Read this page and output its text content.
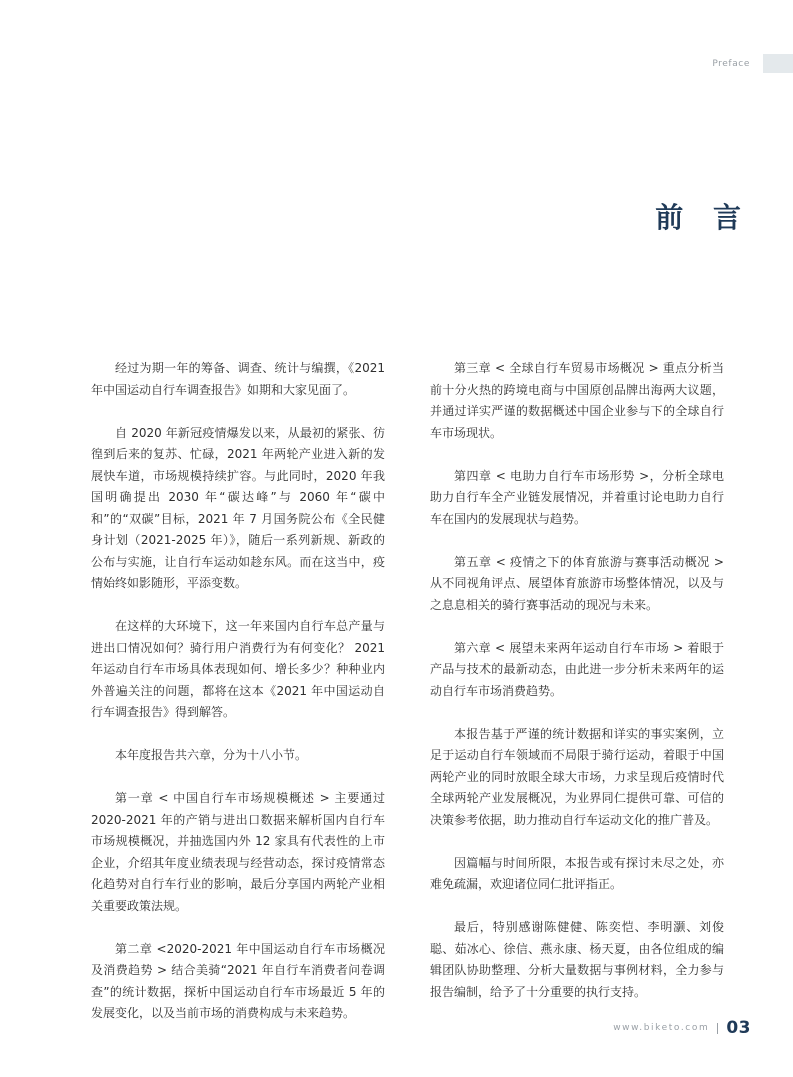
Preface
前 言

经过为期一年的筹备、调查、统计与编撰，《2021 年中国运动自行车调查报告》如期和大家见面了。

自 2020 年新冠疫情爆发以来，从最初的紧张、彷徨到后来的复苏、忙碌，2021 年两轮产业进入新的发展快车道，市场规模持续扩容。与此同时，2020 年我国明确提出 2030 年“碳达峰”与 2060 年“碳中和”的“双碳”目标，2021 年 7 月国务院公布《全民健身计划（2021-2025 年）》，随后一系列新规、新政的公布与实施，让自行车运动如趁东风。而在这当中，疫情始终如影随形，平添变数。

在这样的大环境下，这一年来国内自行车总产量与进出口情况如何？骑行用户消费行为有何变化？ 2021 年运动自行车市场具体表现如何、增长多少？种种业内外普遍关注的问题，都将在这本《2021 年中国运动自行车调查报告》得到解答。

本年度报告共六章，分为十八小节。

第一章 < 中国自行车市场规模概述 > 主要通过 2020-2021 年的产销与进出口数据来解析国内自行车市场规模概况，并抽选国内外 12 家具有代表性的上市企业，介绍其年度业绩表现与经营动态，探讨疫情常态化趋势对自行车行业的影响，最后分享国内两轮产业相关重要政策法规。

第二章 <2020-2021 年中国运动自行车市场概况及消费趋势 > 结合美骑“2021 年自行车消费者问卷调查”的统计数据，探析中国运动自行车市场最近 5 年的发展变化，以及当前市场的消费构成与未来趋势。

第三章 < 全球自行车贸易市场概况 > 重点分析当前十分火热的跨境电商与中国原创品牌出海两大议题，并通过详实严谨的数据概述中国企业参与下的全球自行车市场现状。

第四章 < 电助力自行车市场形势 >，分析全球电助力自行车全产业链发展情况，并着重讨论电助力自行车在国内的发展现状与趋势。

第五章 < 疫情之下的体育旅游与赛事活动概况 > 从不同视角评点、展望体育旅游市场整体情况，以及与之息息相关的骑行赛事活动的现况与未来。

第六章 < 展望未来两年运动自行车市场 > 着眼于产品与技术的最新动态，由此进一步分析未来两年的运动自行车市场消费趋势。

本报告基于严谨的统计数据和详实的事实案例，立足于运动自行车领域而不局限于骑行运动，着眼于中国两轮产业的同时放眼全球大市场，力求呈现后疫情时代全球两轮产业发展概况，为业界同仁提供可靠、可信的决策参考依据，助力推动自行车运动文化的推广普及。

因篇幅与时间所限，本报告或有探讨未尽之处，亦难免疏漏，欢迎诸位同仁批评指正。

最后，特别感谢陈健健、陈奕恺、李明灏、刘俊聪、茹冰心、徐信、燕永康、杨天夏，由各位组成的编辑团队协助整理、分析大量数据与事例材料，全力参与报告编制，给予了十分重要的执行支持。

www.biketo.com 03
